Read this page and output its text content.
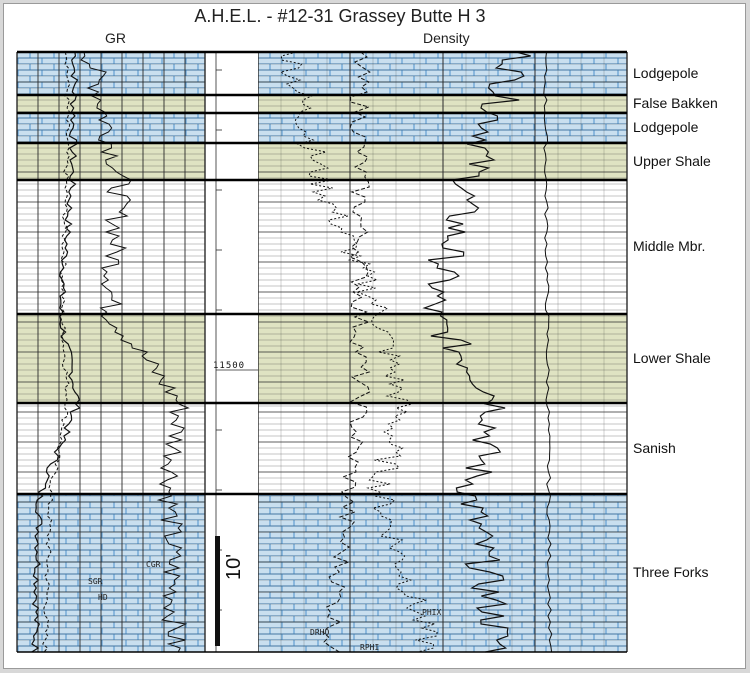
A.H.E.L. - #12-31 Grassey Butte H 3
GR	Density
11500
10'
CGR
SGR
HD
PHIX
DRHO
RPHI
Lodgepole
False Bakken
Lodgepole
Upper Shale
Middle Mbr.
Lower Shale
Sanish
Three Forks
